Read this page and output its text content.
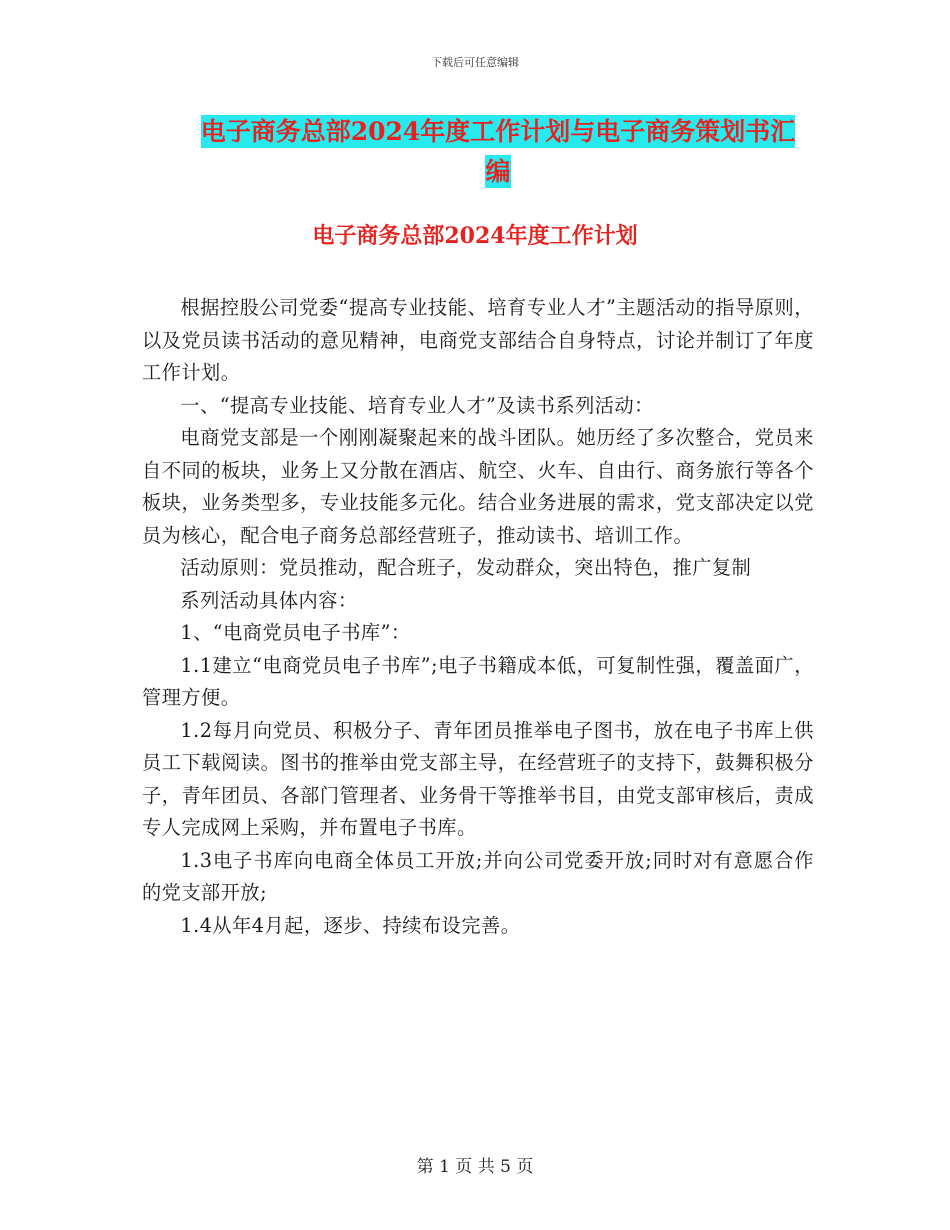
下载后可任意编辑
电子商务总部2024年度工作计划与电子商务策划书汇
编
电子商务总部2024年度工作计划

根据控股公司党委“提高专业技能、培育专业人才”主题活动的指导原则，以及党员读书活动的意见精神，电商党支部结合自身特点，讨论并制订了年度工作计划。

一、“提高专业技能、培育专业人才”及读书系列活动：

电商党支部是一个刚刚凝聚起来的战斗团队。她历经了多次整合，党员来自不同的板块，业务上又分散在酒店、航空、火车、自由行、商务旅行等各个板块，业务类型多，专业技能多元化。结合业务进展的需求，党支部决定以党员为核心，配合电子商务总部经营班子，推动读书、培训工作。

活动原则：党员推动，配合班子，发动群众，突出特色，推广复制

系列活动具体内容：

1、“电商党员电子书库”：

1.1建立“电商党员电子书库”;电子书籍成本低，可复制性强，覆盖面广，管理方便。

1.2每月向党员、积极分子、青年团员推举电子图书，放在电子书库上供员工下载阅读。图书的推举由党支部主导，在经营班子的支持下，鼓舞积极分子，青年团员、各部门管理者、业务骨干等推举书目，由党支部审核后，责成专人完成网上采购，并布置电子书库。

1.3电子书库向电商全体员工开放;并向公司党委开放;同时对有意愿合作的党支部开放;

1.4从年4月起，逐步、持续布设完善。

第 1 页 共 5 页
